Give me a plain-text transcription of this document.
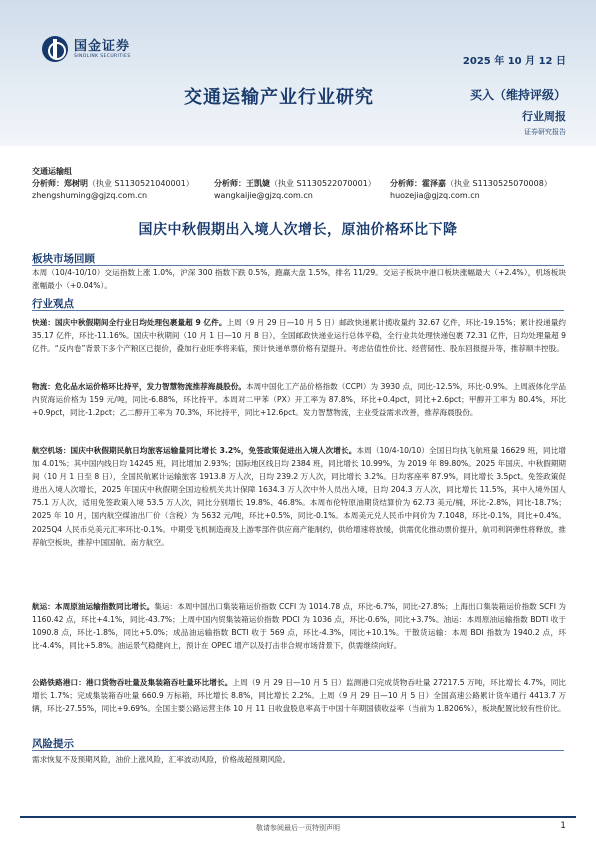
国金证券
SINOLINK SECURITIES	2025 年 10 月 12 日
交通运输产业行业研究	买入（维持评级）
行业周报
证券研究报告
交通运输组
分析师：郑树明（执业 S1130521040001）	分析师：王凯婕（执业 S1130522070001）	分析师：霍泽嘉（执业 S1130525070008）
zhengshuming@gjzq.com.cn	wangkaijie@gjzq.com.cn	huozejia@gjzq.com.cn
国庆中秋假期出入境人次增长，原油价格环比下降
板块市场回顾
本周（10/4-10/10）交运指数上涨 1.0%，沪深 300 指数下跌 0.5%，跑赢大盘 1.5%，排名 11/29。交运子板块中港口板块涨幅最大（+2.4%），机场板块涨幅最小（+0.04%）。
行业观点
快递：国庆中秋假期间全行业日均处理包裹量超 9 亿件。上周（9 月 29 日—10 月 5 日）邮政快递累计揽收量约 32.67 亿件，环比-19.15%；累计投递量约 35.17 亿件，环比-11.16%。国庆中秋期间（10 月 1 日—10 月 8 日），全国邮政快递业运行总体平稳，全行业共处理快递包裹 72.31 亿件，日均处理量超 9 亿件。“反内卷”背景下多个产粮区已提价，叠加行业旺季将来临，预计快递单票价格有望提升。考虑估值性价比、经营韧性、股东回报提升等，推荐顺丰控股。
物流：危化品水运价格环比持平，发力智慧物流推荐海晨股份。本周中国化工产品价格指数（CCPI）为 3930 点，同比-12.5%，环比-0.9%。上周液体化学品内贸海运价格为 159 元/吨，同比-6.88%，环比持平。本周对二甲苯（PX）开工率为 87.8%，环比+0.4pct，同比+2.6pct；甲醇开工率为 80.4%，环比+0.9pct，同比-1.2pct；乙二醇开工率为 70.3%，环比持平，同比+12.6pct。发力智慧物流，主业受益需求改善，推荐海晨股份。
航空机场：国庆中秋假期民航日均旅客运输量同比增长 3.2%，免签政策促进出入境人次增长。本周（10/4-10/10）全国日均执飞航班量 16629 班，同比增加 4.01%；其中国内线日均 14245 班，同比增加 2.93%；国际地区线日均 2384 班，同比增长 10.99%，为 2019 年 89.80%。2025 年国庆、中秋假期期间（10 月 1 日至 8 日），全国民航累计运输旅客 1913.8 万人次，日均 239.2 万人次，同比增长 3.2%。日均客座率 87.9%，同比增长 3.5pct。免签政策促进出入境人次增长，2025 年国庆中秋假期全国边检机关共计保障 1634.3 万人次中外人员出入境，日均 204.3 万人次，同比增长 11.5%，其中入境外国人 75.1 万人次，适用免签政策入境 53.5 万人次，同比分别增长 19.8%、46.8%。本周布伦特原油期货结算价为 62.73 美元/桶，环比-2.8%，同比-18.7%；2025 年 10 月，国内航空煤油出厂价（含税）为 5632 元/吨，环比+0.5%，同比-0.1%。本周美元兑人民币中间价为 7.1048，环比-0.1%，同比+0.4%。2025Q4 人民币兑美元汇率环比-0.1%。中期受飞机制造商及上游零部件供应商产能制约，供给增速将放缓，供需优化推动票价提升，航司利润弹性将释放，推荐航空板块，推荐中国国航、南方航空。
航运：本周原油运输指数同比增长。集运：本周中国出口集装箱运价指数 CCFI 为 1014.78 点，环比-6.7%，同比-27.8%；上海出口集装箱运价指数 SCFI 为 1160.42 点，环比+4.1%，同比-43.7%；上周中国内贸集装箱运价指数 PDCI 为 1036 点，环比-0.6%，同比+3.7%。油运：本周原油运输指数 BDTI 收于 1090.8 点，环比-1.8%，同比+5.0%；成品油运输指数 BCTI 收于 569 点，环比-4.3%，同比+10.1%。干散货运输：本周 BDI 指数为 1940.2 点，环比-4.4%，同比+5.8%。油运景气稳健向上，预计在 OPEC 增产以及打击非合规市场背景下，供需继续向好。
公路铁路港口：港口货物吞吐量及集装箱吞吐量环比增长。上周（9 月 29 日—10 月 5 日）监测港口完成货物吞吐量 27217.5 万吨，环比增长 4.7%，同比增长 1.7%；完成集装箱吞吐量 660.9 万标箱，环比增长 8.8%，同比增长 2.2%。上周（9 月 29 日—10 月 5 日）全国高速公路累计货车通行 4413.7 万辆，环比-27.55%，同比+9.69%。全国主要公路运营主体 10 月 11 日收盘股息率高于中国十年期国债收益率（当前为 1.8206%），板块配置比较有性价比。
风险提示
需求恢复不及预期风险，油价上涨风险，汇率波动风险，价格战超预期风险。
敬请参阅最后一页特别声明	1
